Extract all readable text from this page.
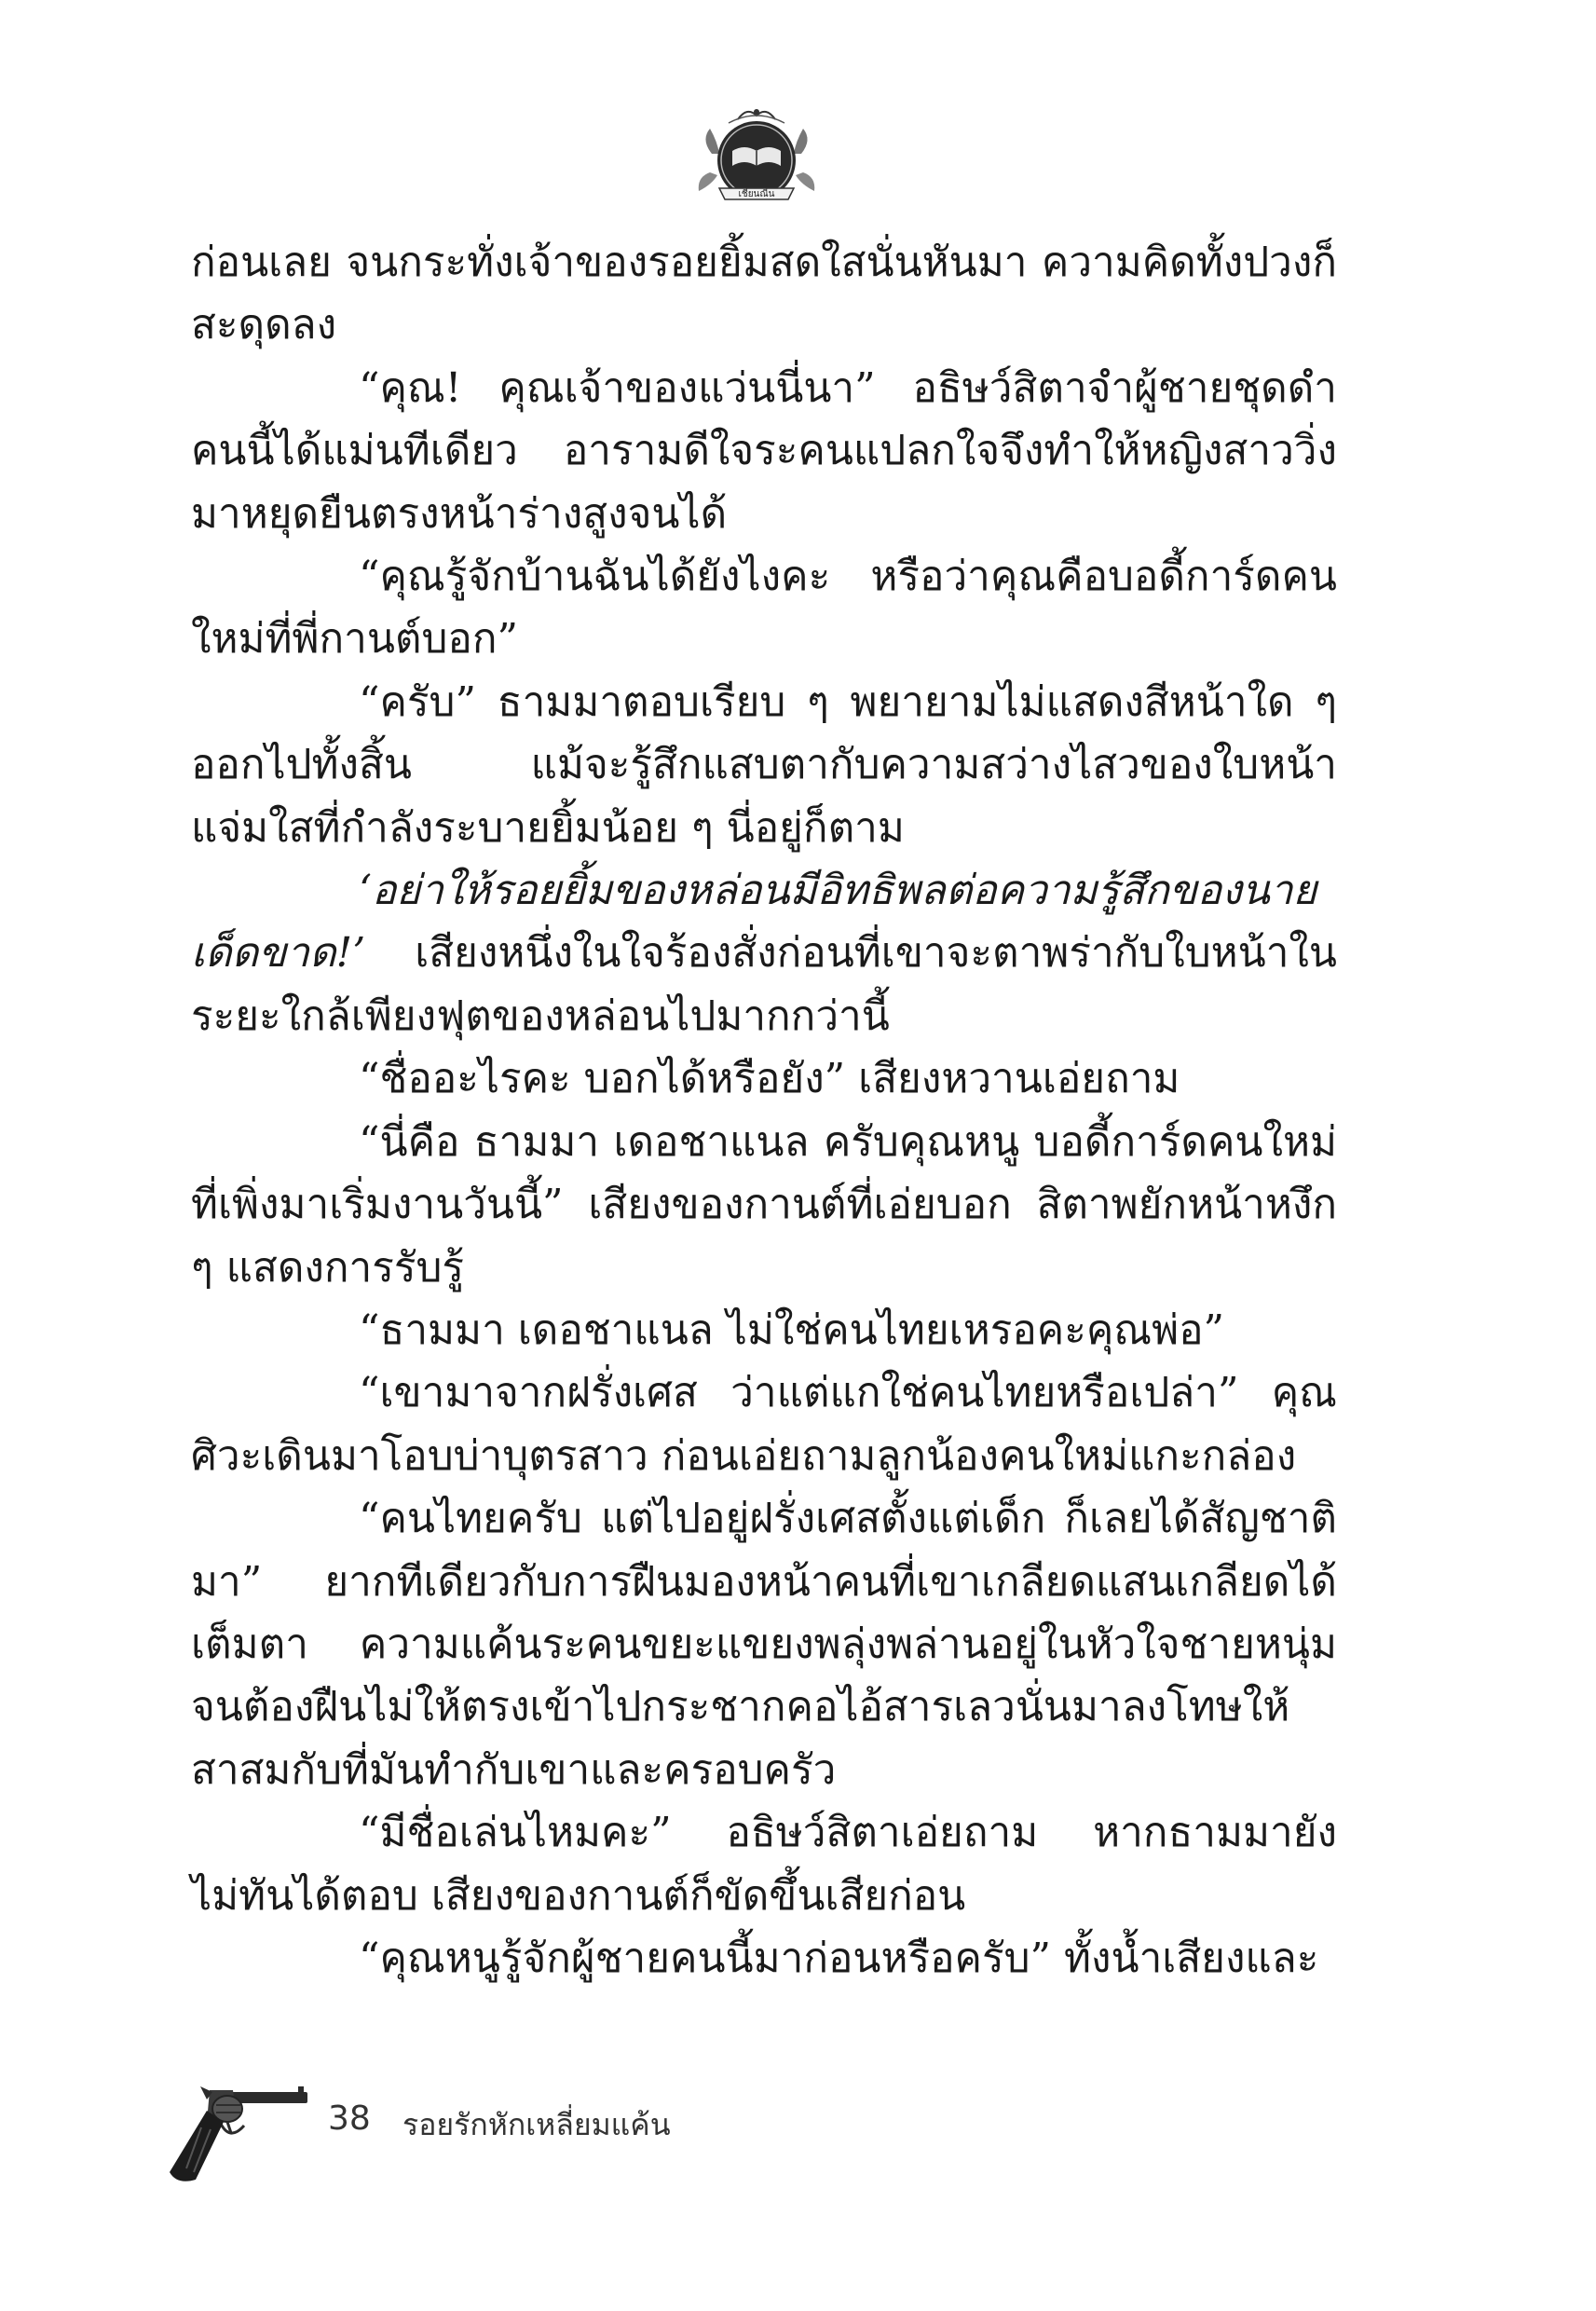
เชียนณีน

ก่อนเลย จนกระทั่งเจ้าของรอยยิ้มสดใสนั่นหันมา ความคิดทั้งปวงก็สะดุดลง

“คุณ! คุณเจ้าของแว่นนี่นา” อธิษว์สิตาจำผู้ชายชุดดำคนนี้ได้แม่นทีเดียว อารามดีใจระคนแปลกใจจึงทำให้หญิงสาววิ่งมาหยุดยืนตรงหน้าร่างสูงจนได้

“คุณรู้จักบ้านฉันได้ยังไงคะ หรือว่าคุณคือบอดี้การ์ดคนใหม่ที่พี่กานต์บอก”

“ครับ” ธามมาตอบเรียบ ๆ พยายามไม่แสดงสีหน้าใด ๆ ออกไปทั้งสิ้น แม้จะรู้สึกแสบตากับความสว่างไสวของใบหน้าแจ่มใสที่กำลังระบายยิ้มน้อย ๆ นี่อยู่ก็ตาม

‘อย่าให้รอยยิ้มของหล่อนมีอิทธิพลต่อความรู้สึกของนายเด็ดขาด!’ เสียงหนึ่งในใจร้องสั่งก่อนที่เขาจะตาพร่ากับใบหน้าในระยะใกล้เพียงฟุตของหล่อนไปมากกว่านี้

“ชื่ออะไรคะ บอกได้หรือยัง” เสียงหวานเอ่ยถาม

“นี่คือ ธามมา เดอชาแนล ครับคุณหนู บอดี้การ์ดคนใหม่ที่เพิ่งมาเริ่มงานวันนี้” เสียงของกานต์ที่เอ่ยบอก สิตาพยักหน้าหงึก ๆ แสดงการรับรู้

“ธามมา เดอชาแนล ไม่ใช่คนไทยเหรอคะคุณพ่อ”

“เขามาจากฝรั่งเศส ว่าแต่แกใช่คนไทยหรือเปล่า” คุณศิวะเดินมาโอบบ่าบุตรสาว ก่อนเอ่ยถามลูกน้องคนใหม่แกะกล่อง

“คนไทยครับ แต่ไปอยู่ฝรั่งเศสตั้งแต่เด็ก ก็เลยได้สัญชาติมา” ยากทีเดียวกับการฝืนมองหน้าคนที่เขาเกลียดแสนเกลียดได้เต็มตา ความแค้นระคนขยะแขยงพลุ่งพล่านอยู่ในหัวใจชายหนุ่มจนต้องฝืนไม่ให้ตรงเข้าไปกระชากคอไอ้สารเลวนั่นมาลงโทษให้สาสมกับที่มันทำกับเขาและครอบครัว

“มีชื่อเล่นไหมคะ” อธิษว์สิตาเอ่ยถาม หากธามมายังไม่ทันได้ตอบ เสียงของกานต์ก็ขัดขึ้นเสียก่อน

“คุณหนูรู้จักผู้ชายคนนี้มาก่อนหรือครับ” ทั้งน้ำเสียงและ

38 รอยรักหักเหลี่ยมแค้น
